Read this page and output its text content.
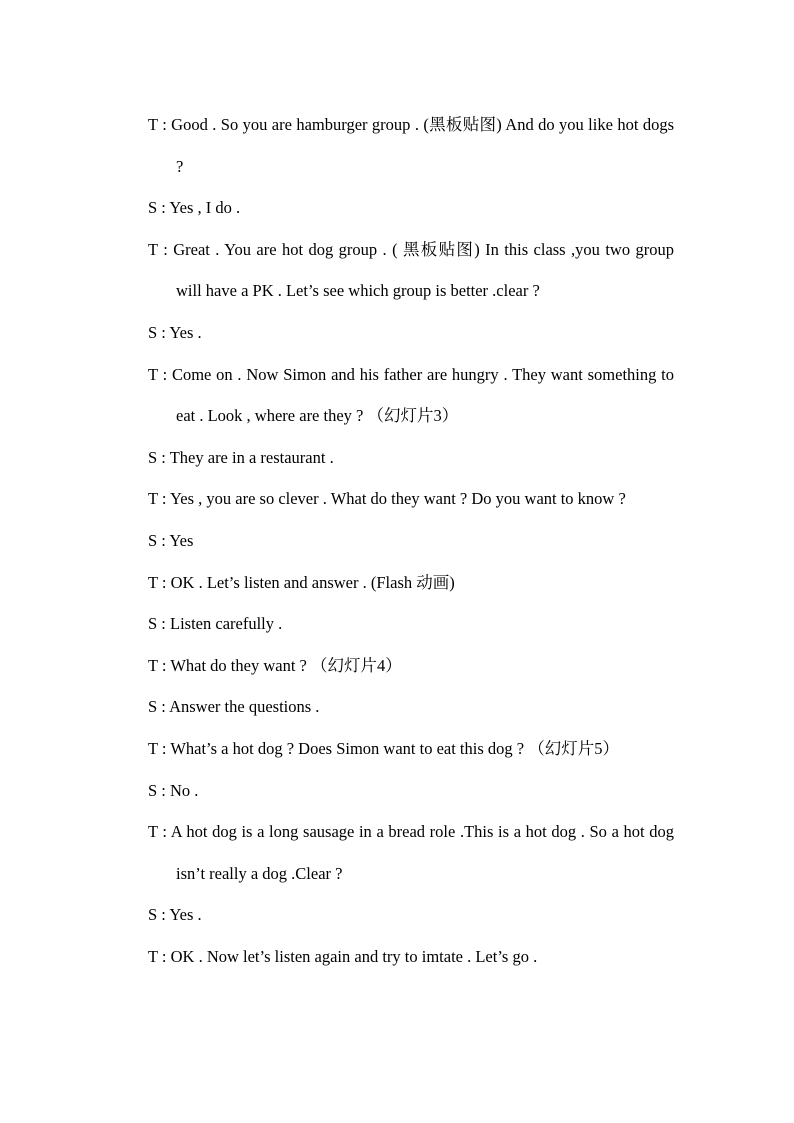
T : Good . So you are hamburger group . (黑板贴图) And do you like hot dogs ?

S : Yes , I do .

T : Great . You are hot dog group . ( 黑板贴图) In this class ,you two group will have a PK . Let’s see which group is better .clear ?

S : Yes .

T : Come on . Now Simon and his father are hungry . They want something to eat . Look , where are they ? （幻灯片3）

S : They are in a restaurant .

T : Yes , you are so clever . What do they want ? Do you want to know ?

S : Yes

T : OK . Let’s listen and answer . (Flash 动画)

S : Listen carefully .

T : What do they want ? （幻灯片4）

S : Answer the questions .

T : What’s a hot dog ? Does Simon want to eat this dog ? （幻灯片5）

S : No .

T : A hot dog is a long sausage in a bread role .This is a hot dog . So a hot dog isn’t really a dog .Clear ?

S : Yes .

T : OK . Now let’s listen again and try to imtate . Let’s go .
